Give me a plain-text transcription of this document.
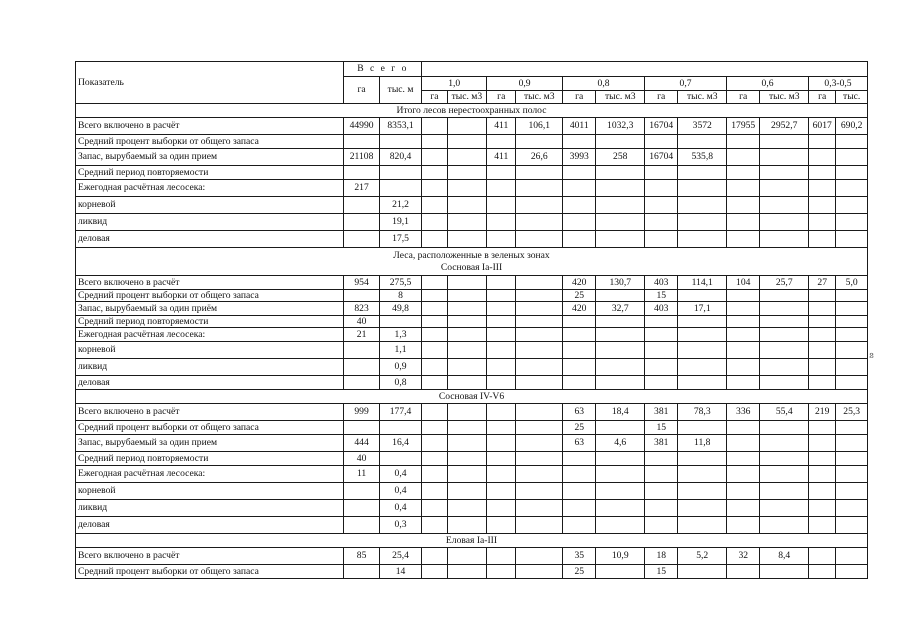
Показатель	В с е г о													
	га	тыс. м	1,0		0,9		0,8		0,7		0,6		0,3-0,5	
			га	тыс. м3	га	тыс. м3	га	тыс. м3	га	тыс. м3	га	тыс. м3	га	тыс.

Итого лесов нерестоохранных полос														

Всего включено в расчёт	44990	8353,1			411	106,1	4011	1032,3	16704	3572	17955	2952,7	6017	690,2
Средний процент выборки от общего запаса														
Запас, вырубаемый за один прием	21108	820,4			411	26,6	3993	258	16704	535,8				
Средний период повторяемости														
Ежегодная расчётная лесосека:	217													
корневой		21,2												
ликвид		19,1												
деловая		17,5												

Леса, расположенные в зеленых зонах
Сосновая Ia-III														

Всего включено в расчёт	954	275,5					420	130,7	403	114,1	104	25,7	27	5,0
Средний процент выборки от общего запаса		8					25		15					
Запас, вырубаемый за один приём	823	49,8					420	32,7	403	17,1				
Средний период повторяемости	40													
Ежегодная расчётная лесосека:	21	1,3												
корневой		1,1												
ликвид		0,9												
деловая		0,8												

Сосновая IV-V6														

Всего включено в расчёт	999	177,4					63	18,4	381	78,3	336	55,4	219	25,3
Средний процент выборки от общего запаса							25		15					
Запас, вырубаемый за один прием	444	16,4					63	4,6	381	11,8				
Средний период повторяемости	40													
Ежегодная расчётная лесосека:	11	0,4												
корневой		0,4												
ликвид		0,4												
деловая		0,3												

Еловая Ia-III														

Всего включено в расчёт	85	25,4					35	10,9	18	5,2	32	8,4		
Средний процент выборки от общего запаса		14					25		15					
ន
